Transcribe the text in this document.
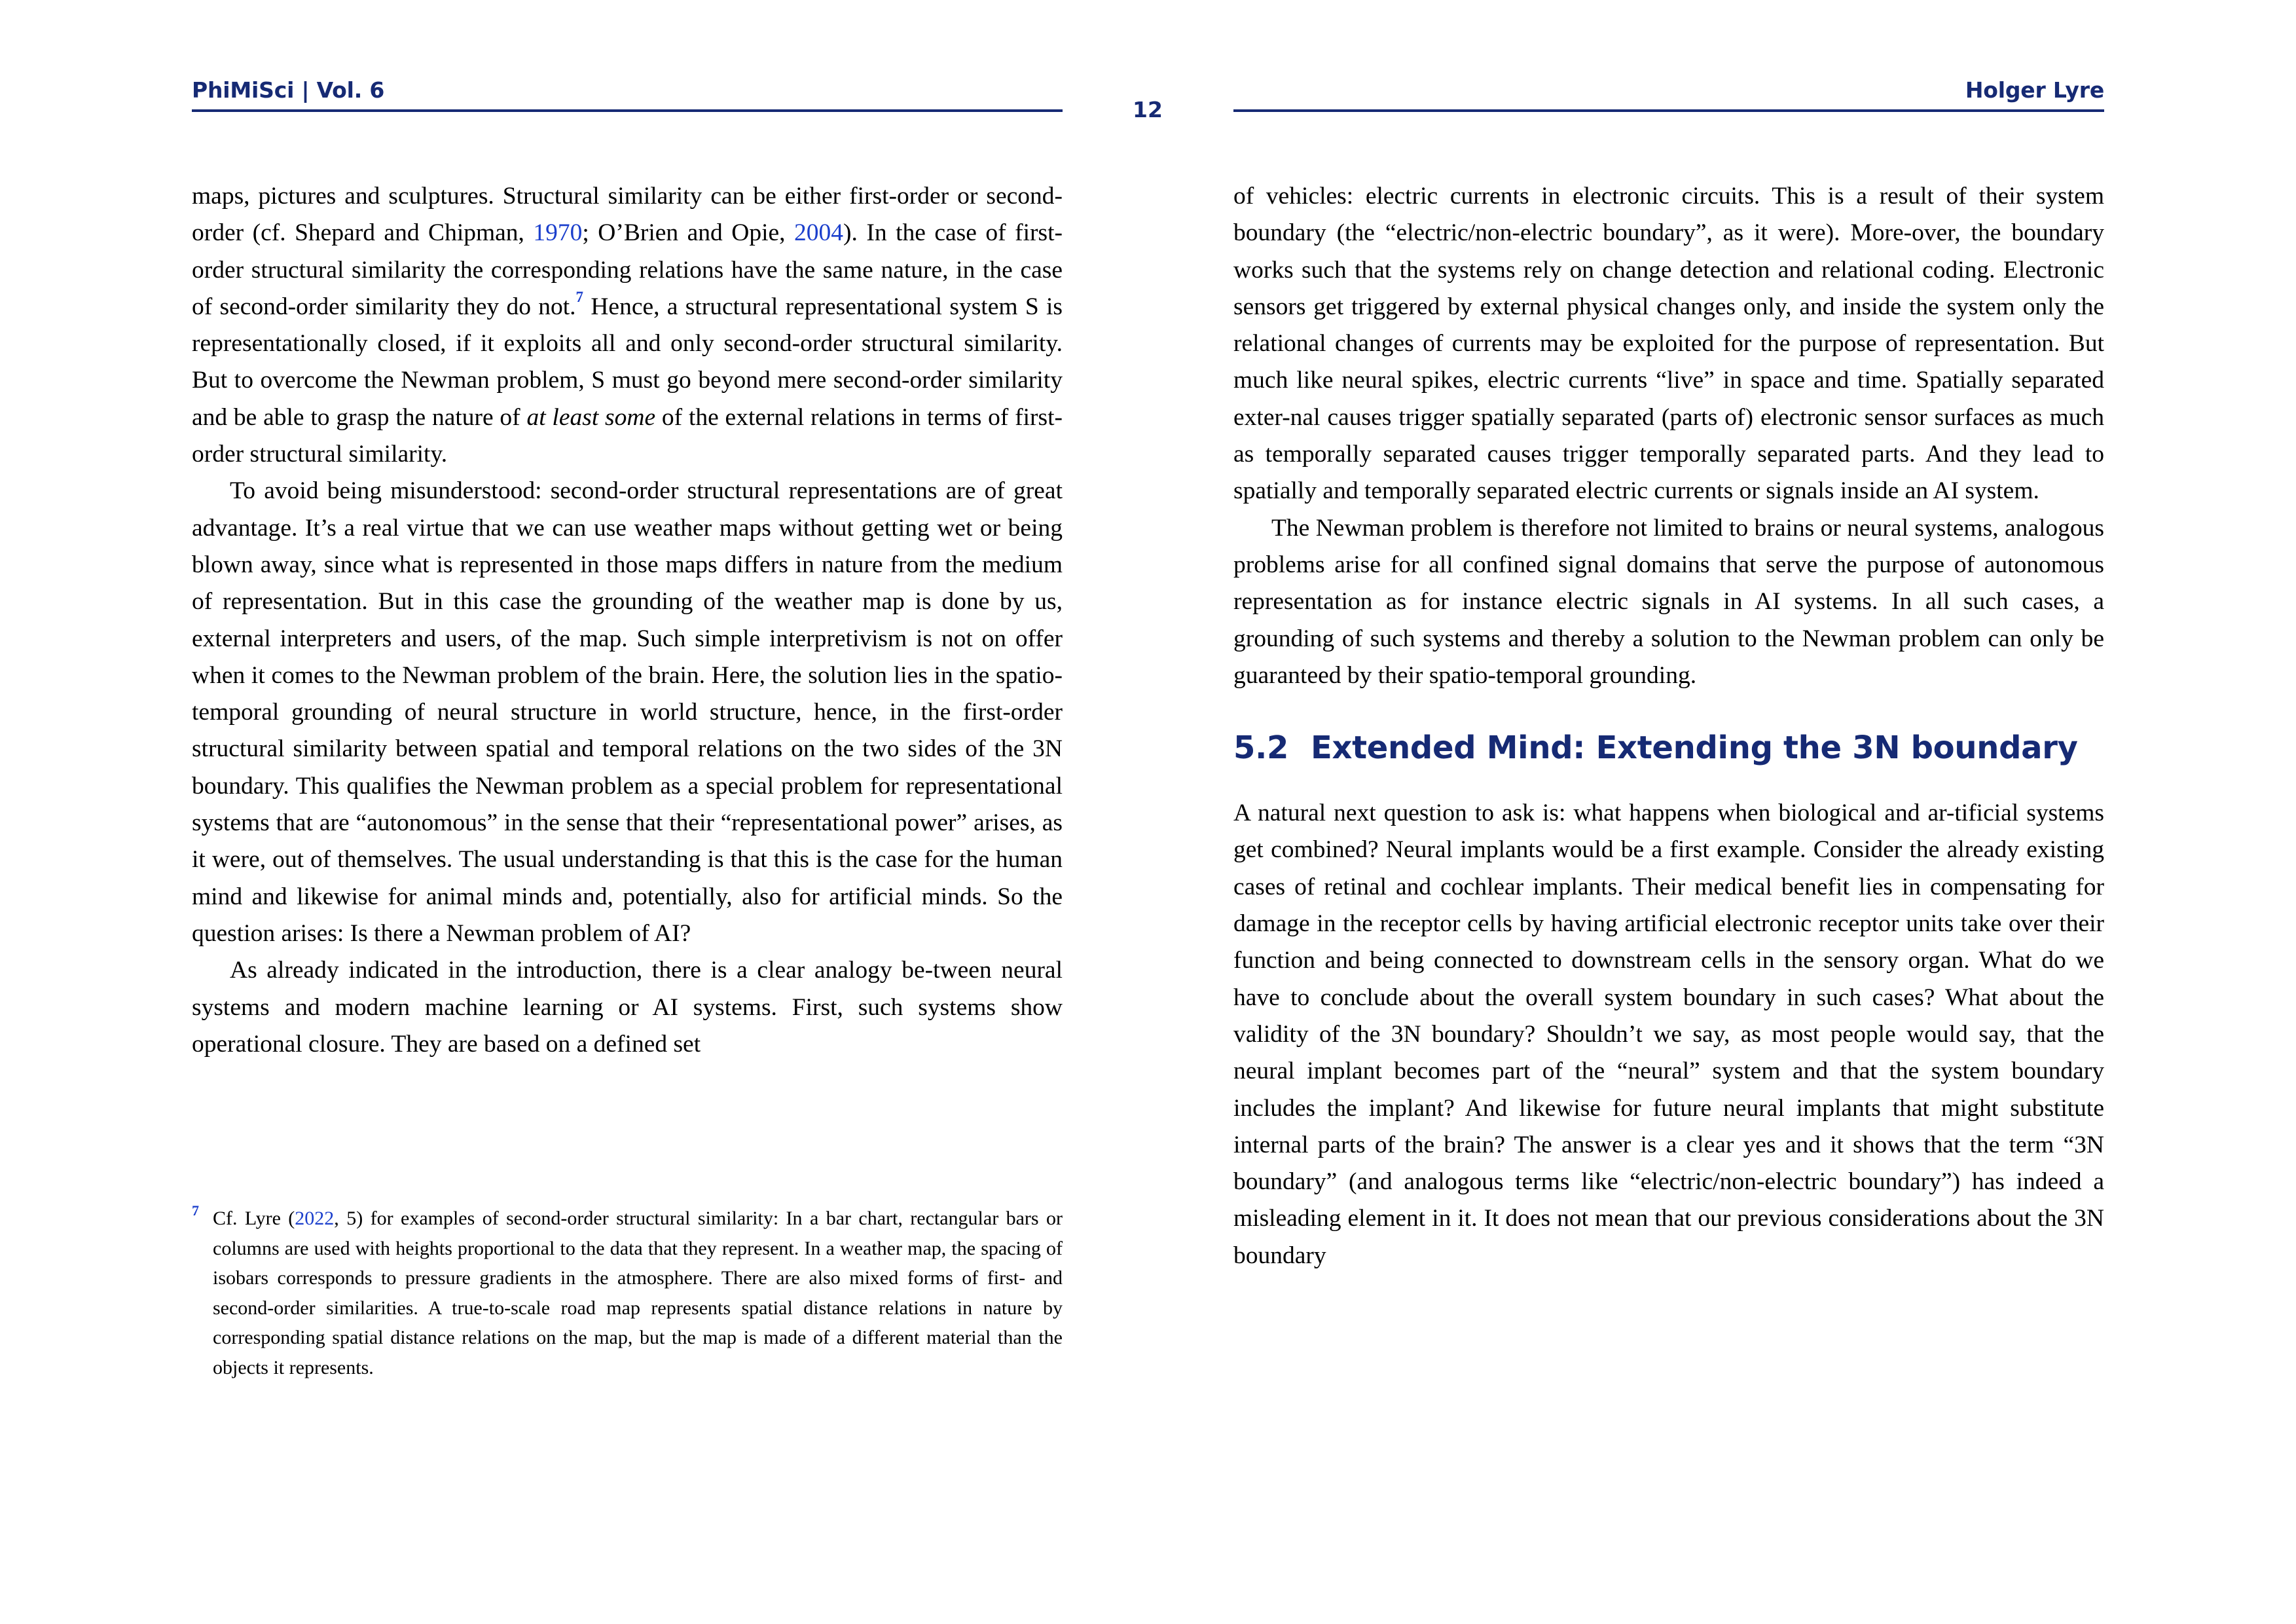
PhiMiSci | Vol. 6	Holger Lyre
12

maps, pictures and sculptures. Structural similarity can be either first-order or second-order (cf. Shepard and Chipman, 1970; O’Brien and Opie, 2004). In the case of first-order structural similarity the corresponding relations have the same nature, in the case of second-order similarity they do not.$^7$ Hence, a structural representational system S is representationally closed, if it exploits all and only second-order structural similarity. But to overcome the Newman problem, S must go beyond mere second-order similarity and be able to grasp the nature of at least some of the external relations in terms of first-order structural similarity.

To avoid being misunderstood: second-order structural representations are of great advantage. It’s a real virtue that we can use weather maps without getting wet or being blown away, since what is represented in those maps differs in nature from the medium of representation. But in this case the grounding of the weather map is done by us, external interpreters and users, of the map. Such simple interpretivism is not on offer when it comes to the Newman problem of the brain. Here, the solution lies in the spatio-temporal grounding of neural structure in world structure, hence, in the first-order structural similarity between spatial and temporal relations on the two sides of the 3N boundary. This qualifies the Newman problem as a special problem for representational systems that are “autonomous” in the sense that their “representational power” arises, as it were, out of themselves. The usual understanding is that this is the case for the human mind and likewise for animal minds and, potentially, also for artificial minds. So the question arises: Is there a Newman problem of AI?

As already indicated in the introduction, there is a clear analogy be-tween neural systems and modern machine learning or AI systems. First, such systems show operational closure. They are based on a defined set

$^7$ Cf. Lyre (2022, 5) for examples of second-order structural similarity: In a bar chart, rectangular bars or columns are used with heights proportional to the data that they represent. In a weather map, the spacing of isobars corresponds to pressure gradients in the atmosphere. There are also mixed forms of first- and second-order similarities. A true-to-scale road map represents spatial distance relations in nature by corresponding spatial distance relations on the map, but the map is made of a different material than the objects it represents.

of vehicles: electric currents in electronic circuits. This is a result of their system boundary (the “electric/non-electric boundary”, as it were). More-over, the boundary works such that the systems rely on change detection and relational coding. Electronic sensors get triggered by external physical changes only, and inside the system only the relational changes of currents may be exploited for the purpose of representation. But much like neural spikes, electric currents “live” in space and time. Spatially separated exter-nal causes trigger spatially separated (parts of) electronic sensor surfaces as much as temporally separated causes trigger temporally separated parts. And they lead to spatially and temporally separated electric currents or signals inside an AI system.

The Newman problem is therefore not limited to brains or neural systems, analogous problems arise for all confined signal domains that serve the purpose of autonomous representation as for instance electric signals in AI systems. In all such cases, a grounding of such systems and thereby a solution to the Newman problem can only be guaranteed by their spatio-temporal grounding.

5.2 Extended Mind: Extending the 3N boundary

A natural next question to ask is: what happens when biological and ar-tificial systems get combined? Neural implants would be a first example. Consider the already existing cases of retinal and cochlear implants. Their medical benefit lies in compensating for damage in the receptor cells by having artificial electronic receptor units take over their function and being connected to downstream cells in the sensory organ. What do we have to conclude about the overall system boundary in such cases? What about the validity of the 3N boundary? Shouldn’t we say, as most people would say, that the neural implant becomes part of the “neural” system and that the system boundary includes the implant? And likewise for future neural implants that might substitute internal parts of the brain? The answer is a clear yes and it shows that the term “3N boundary” (and analogous terms like “electric/non-electric boundary”) has indeed a misleading element in it. It does not mean that our previous considerations about the 3N boundary
